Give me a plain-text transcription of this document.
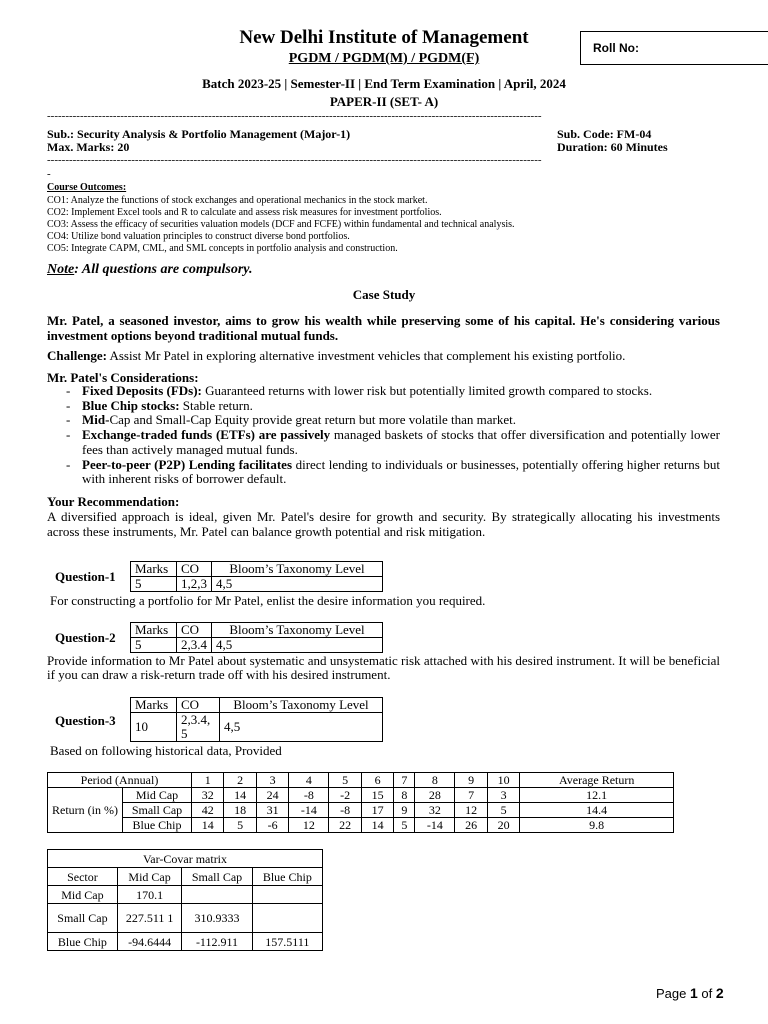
New Delhi Institute of Management
PGDM / PGDM(M) / PGDM(F)
Roll No:
Batch 2023-25 | Semester-II | End Term Examination | April, 2024
PAPER-II (SET- A)
---------------------------------------------------------------------------------------------------------------------------------------
Sub.: Security Analysis & Portfolio Management (Major-1)
Max. Marks: 20
Sub. Code: FM-04
Duration: 60 Minutes
---------------------------------------------------------------------------------------------------------------------------------------
-
Course Outcomes:
CO1: Analyze the functions of stock exchanges and operational mechanics in the stock market.
CO2: Implement Excel tools and R to calculate and assess risk measures for investment portfolios.
CO3: Assess the efficacy of securities valuation models (DCF and FCFE) within fundamental and technical analysis.
CO4: Utilize bond valuation principles to construct diverse bond portfolios.
CO5: Integrate CAPM, CML, and SML concepts in portfolio analysis and construction.
Note: All questions are compulsory.
Case Study
Mr. Patel, a seasoned investor, aims to grow his wealth while preserving some of his capital. He's considering various investment options beyond traditional mutual funds.
Challenge: Assist Mr Patel in exploring alternative investment vehicles that complement his existing portfolio.
Mr. Patel's Considerations:
- Fixed Deposits (FDs): Guaranteed returns with lower risk but potentially limited growth compared to stocks.
- Blue Chip stocks: Stable return.
- Mid-Cap and Small-Cap Equity provide great return but more volatile than market.
- Exchange-traded funds (ETFs) are passively managed baskets of stocks that offer diversification and potentially lower fees than actively managed mutual funds.
- Peer-to-peer (P2P) Lending facilitates direct lending to individuals or businesses, potentially offering higher returns but with inherent risks of borrower default.
Your Recommendation:
A diversified approach is ideal, given Mr. Patel's desire for growth and security. By strategically allocating his investments across these instruments, Mr. Patel can balance growth potential and risk mitigation.
Question-1
Marks	CO	Bloom’s Taxonomy Level
5	1,2,3	4,5
For constructing a portfolio for Mr Patel, enlist the desire information you required.
Question-2
Marks	CO	Bloom’s Taxonomy Level
5	2,3.4	4,5
Provide information to Mr Patel about systematic and unsystematic risk attached with his desired instrument. It will be beneficial if you can draw a risk-return trade off with his desired instrument.
Question-3
Marks	CO	Bloom’s Taxonomy Level
10	2,3.4, 5	4,5
Based on following historical data, Provided
Period (Annual)		1	2	3	4	5	6	7	8	9	10	Average Return
Return (in %)	Mid Cap	32	14	24	-8	-2	15	8	28	7	3	12.1
	Small Cap	42	18	31	-14	-8	17	9	32	12	5	14.4
	Blue Chip	14	5	-6	12	22	14	5	-14	26	20	9.8
Var-Covar matrix			
Sector	Mid Cap	Small Cap	Blue Chip
Mid Cap	170.1		
Small Cap	227.511 1	310.9333	
Blue Chip	-94.6444	-112.911	157.5111
Page 1 of 2
